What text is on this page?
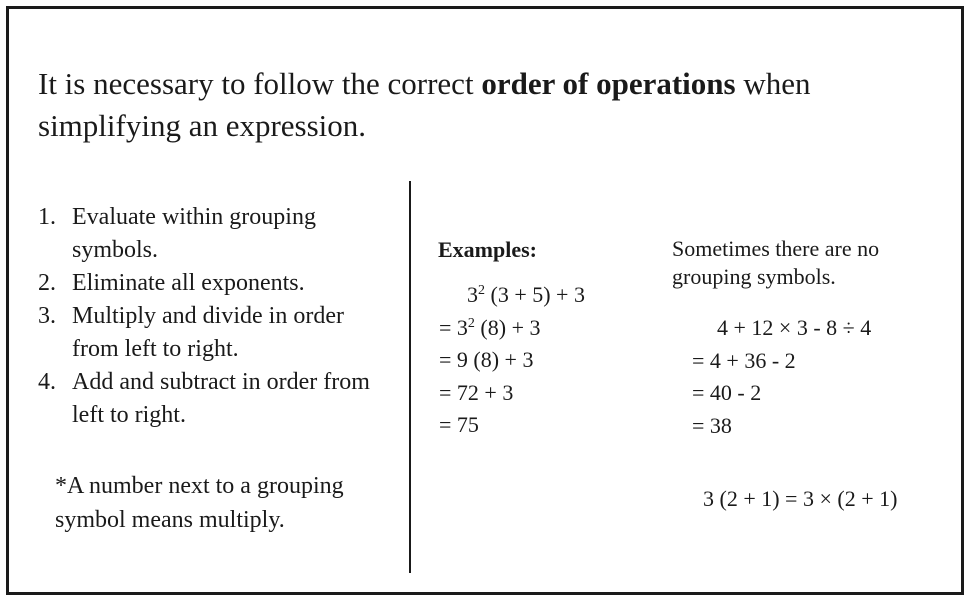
It is necessary to follow the correct order of operations when simplifying an expression.
1. Evaluate within grouping symbols.
2. Eliminate all exponents.
3. Multiply and divide in order from left to right.
4. Add and subtract in order from left to right.
*A number next to a grouping symbol means multiply.
Examples:
$3^2$ (3 + 5) + 3
= $3^2$ (8) + 3
= 9 (8) + 3
= 72 + 3
= 75
Sometimes there are no grouping symbols.
4 + 12 × 3 - 8 ÷ 4
= 4 + 36 - 2
= 40 - 2
= 38
3 (2 + 1) = 3 × (2 + 1)
